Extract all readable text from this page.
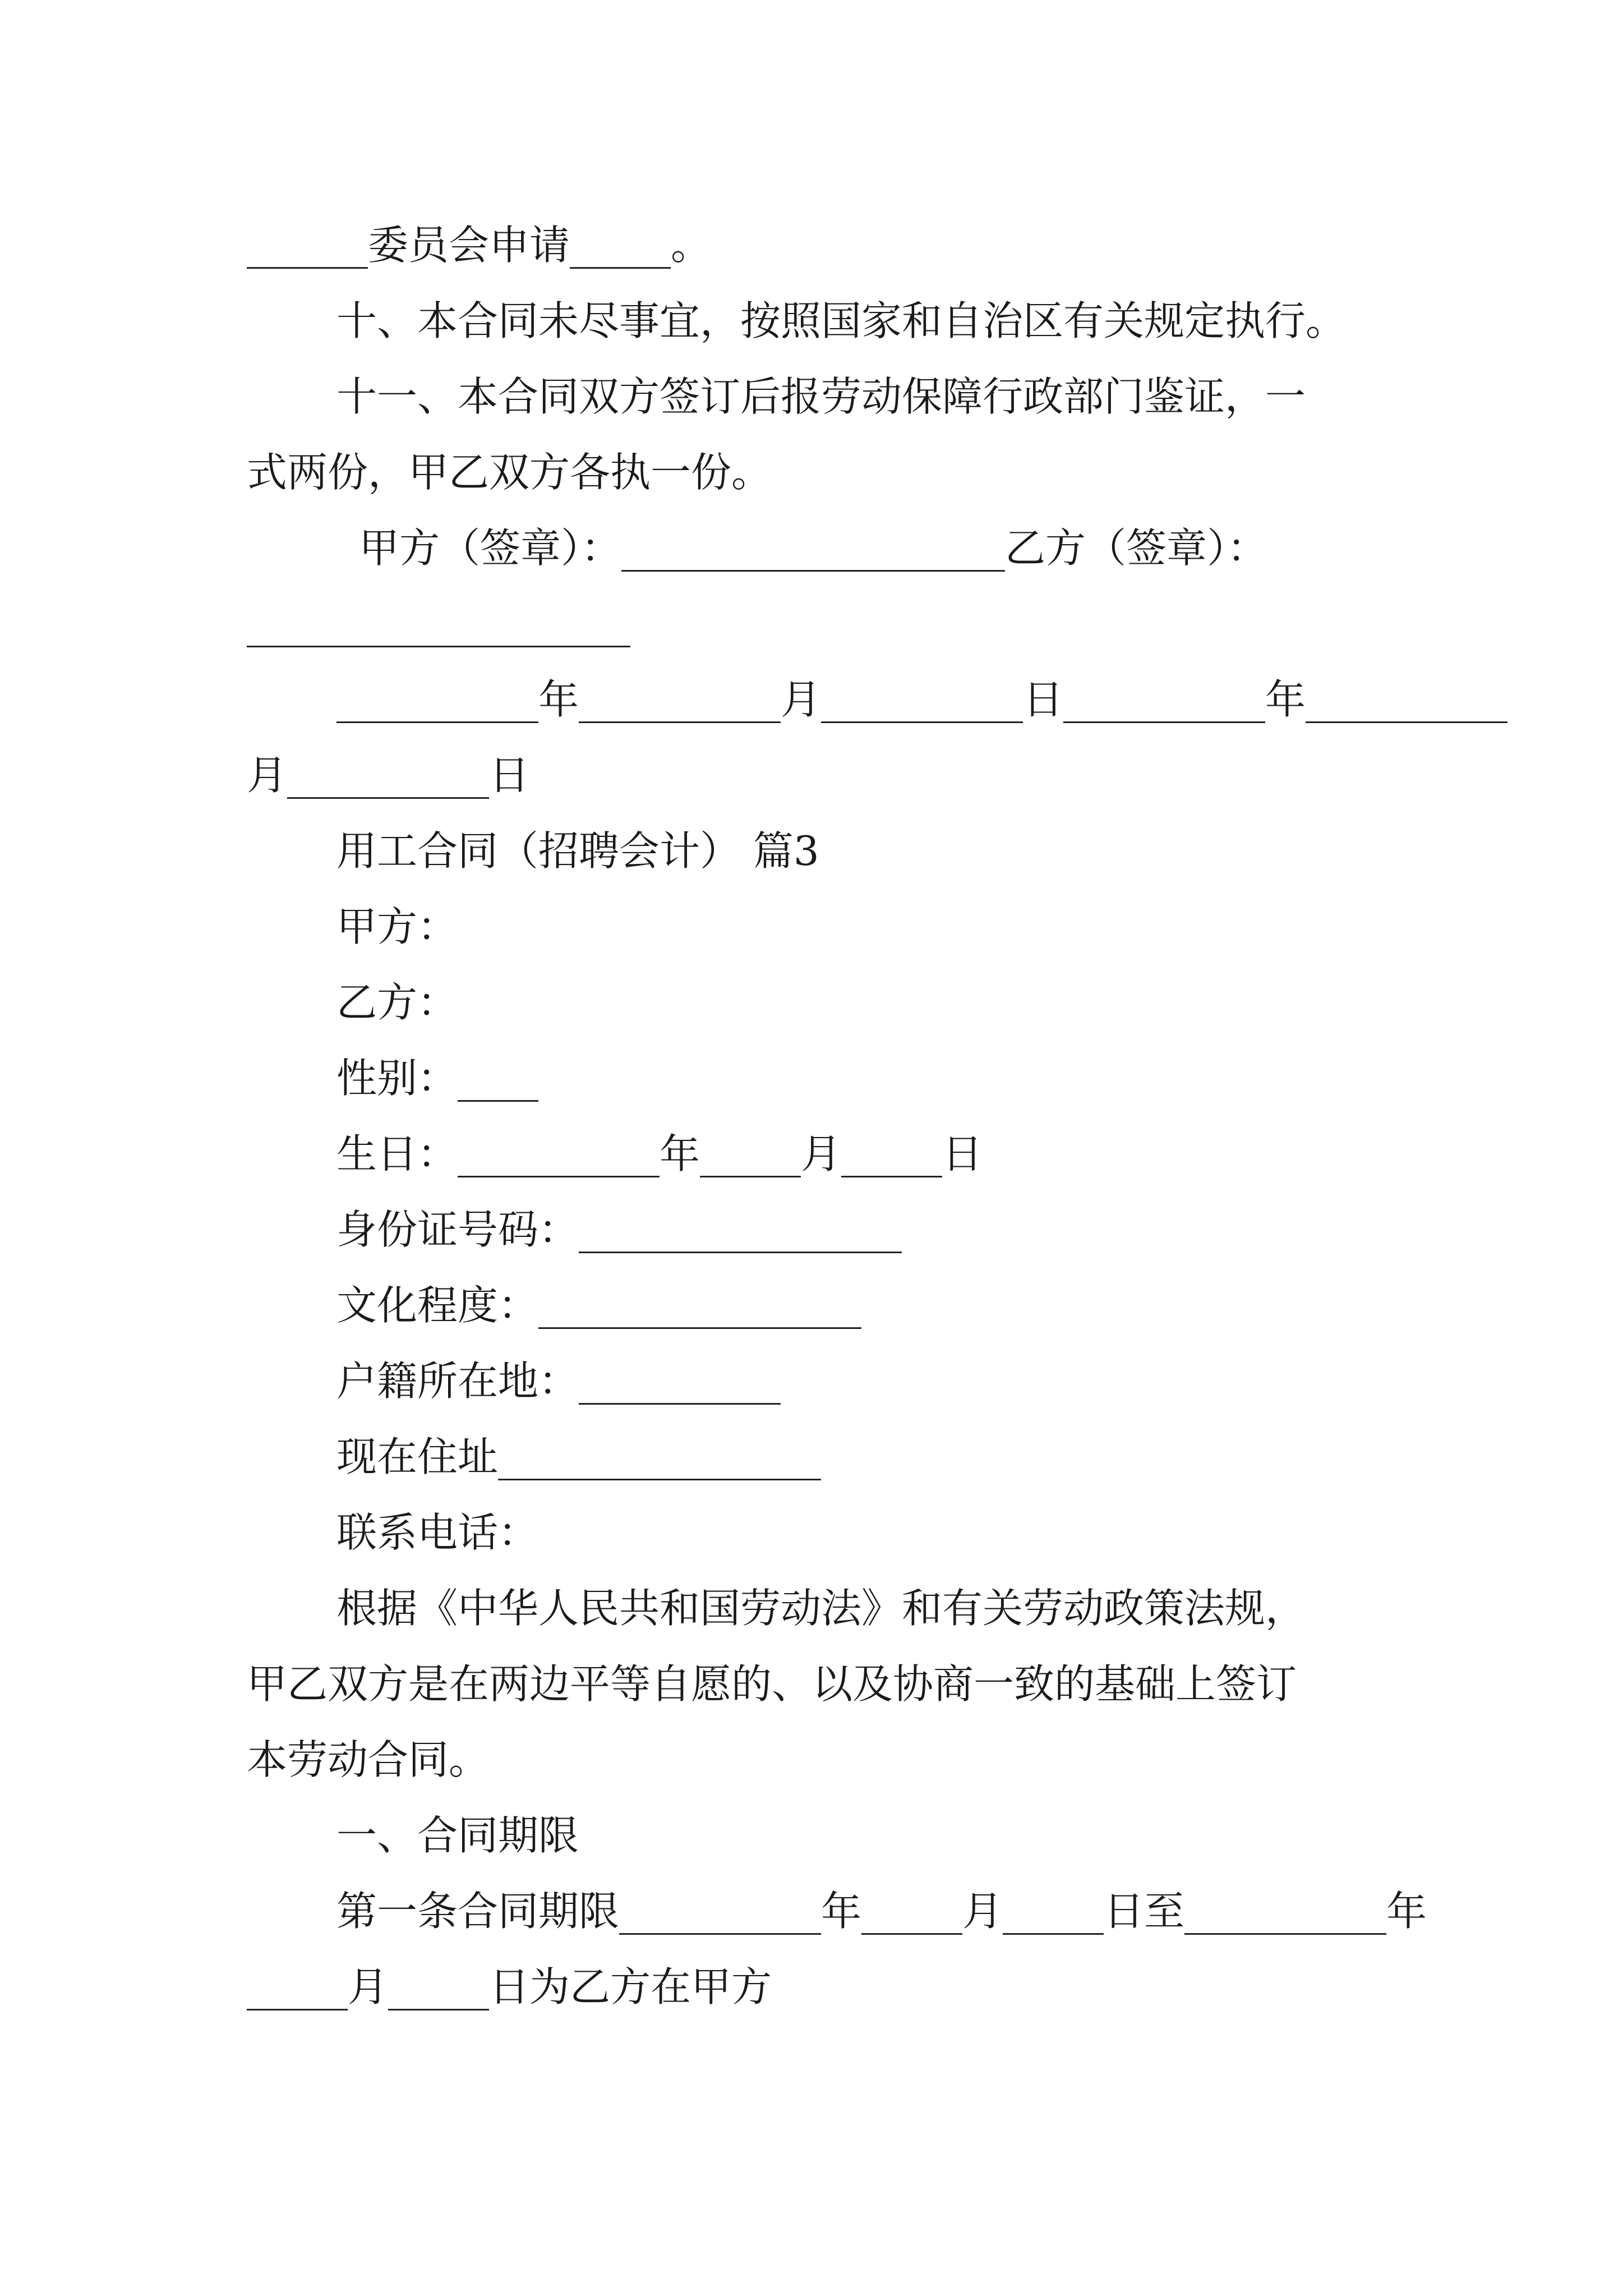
______委员会申请_____。
十、本合同未尽事宜，按照国家和自治区有关规定执行。
十一、本合同双方签订后报劳动保障行政部门鉴证，一
式两份，甲乙双方各执一份。
甲方（签章）：___________________乙方（签章）：
___________________
__________年__________月__________日__________年__________
月__________日
用工合同（招聘会计） 篇3
甲方：
乙方：
性别：____
生日：__________年_____月_____日
身份证号码：________________
文化程度：________________
户籍所在地：__________
现在住址________________
联系电话：
根据《中华人民共和国劳动法》和有关劳动政策法规，
甲乙双方是在两边平等自愿的、以及协商一致的基础上签订
本劳动合同。
一、合同期限
第一条合同期限__________年_____月_____日至__________年
_____月_____日为乙方在甲方
